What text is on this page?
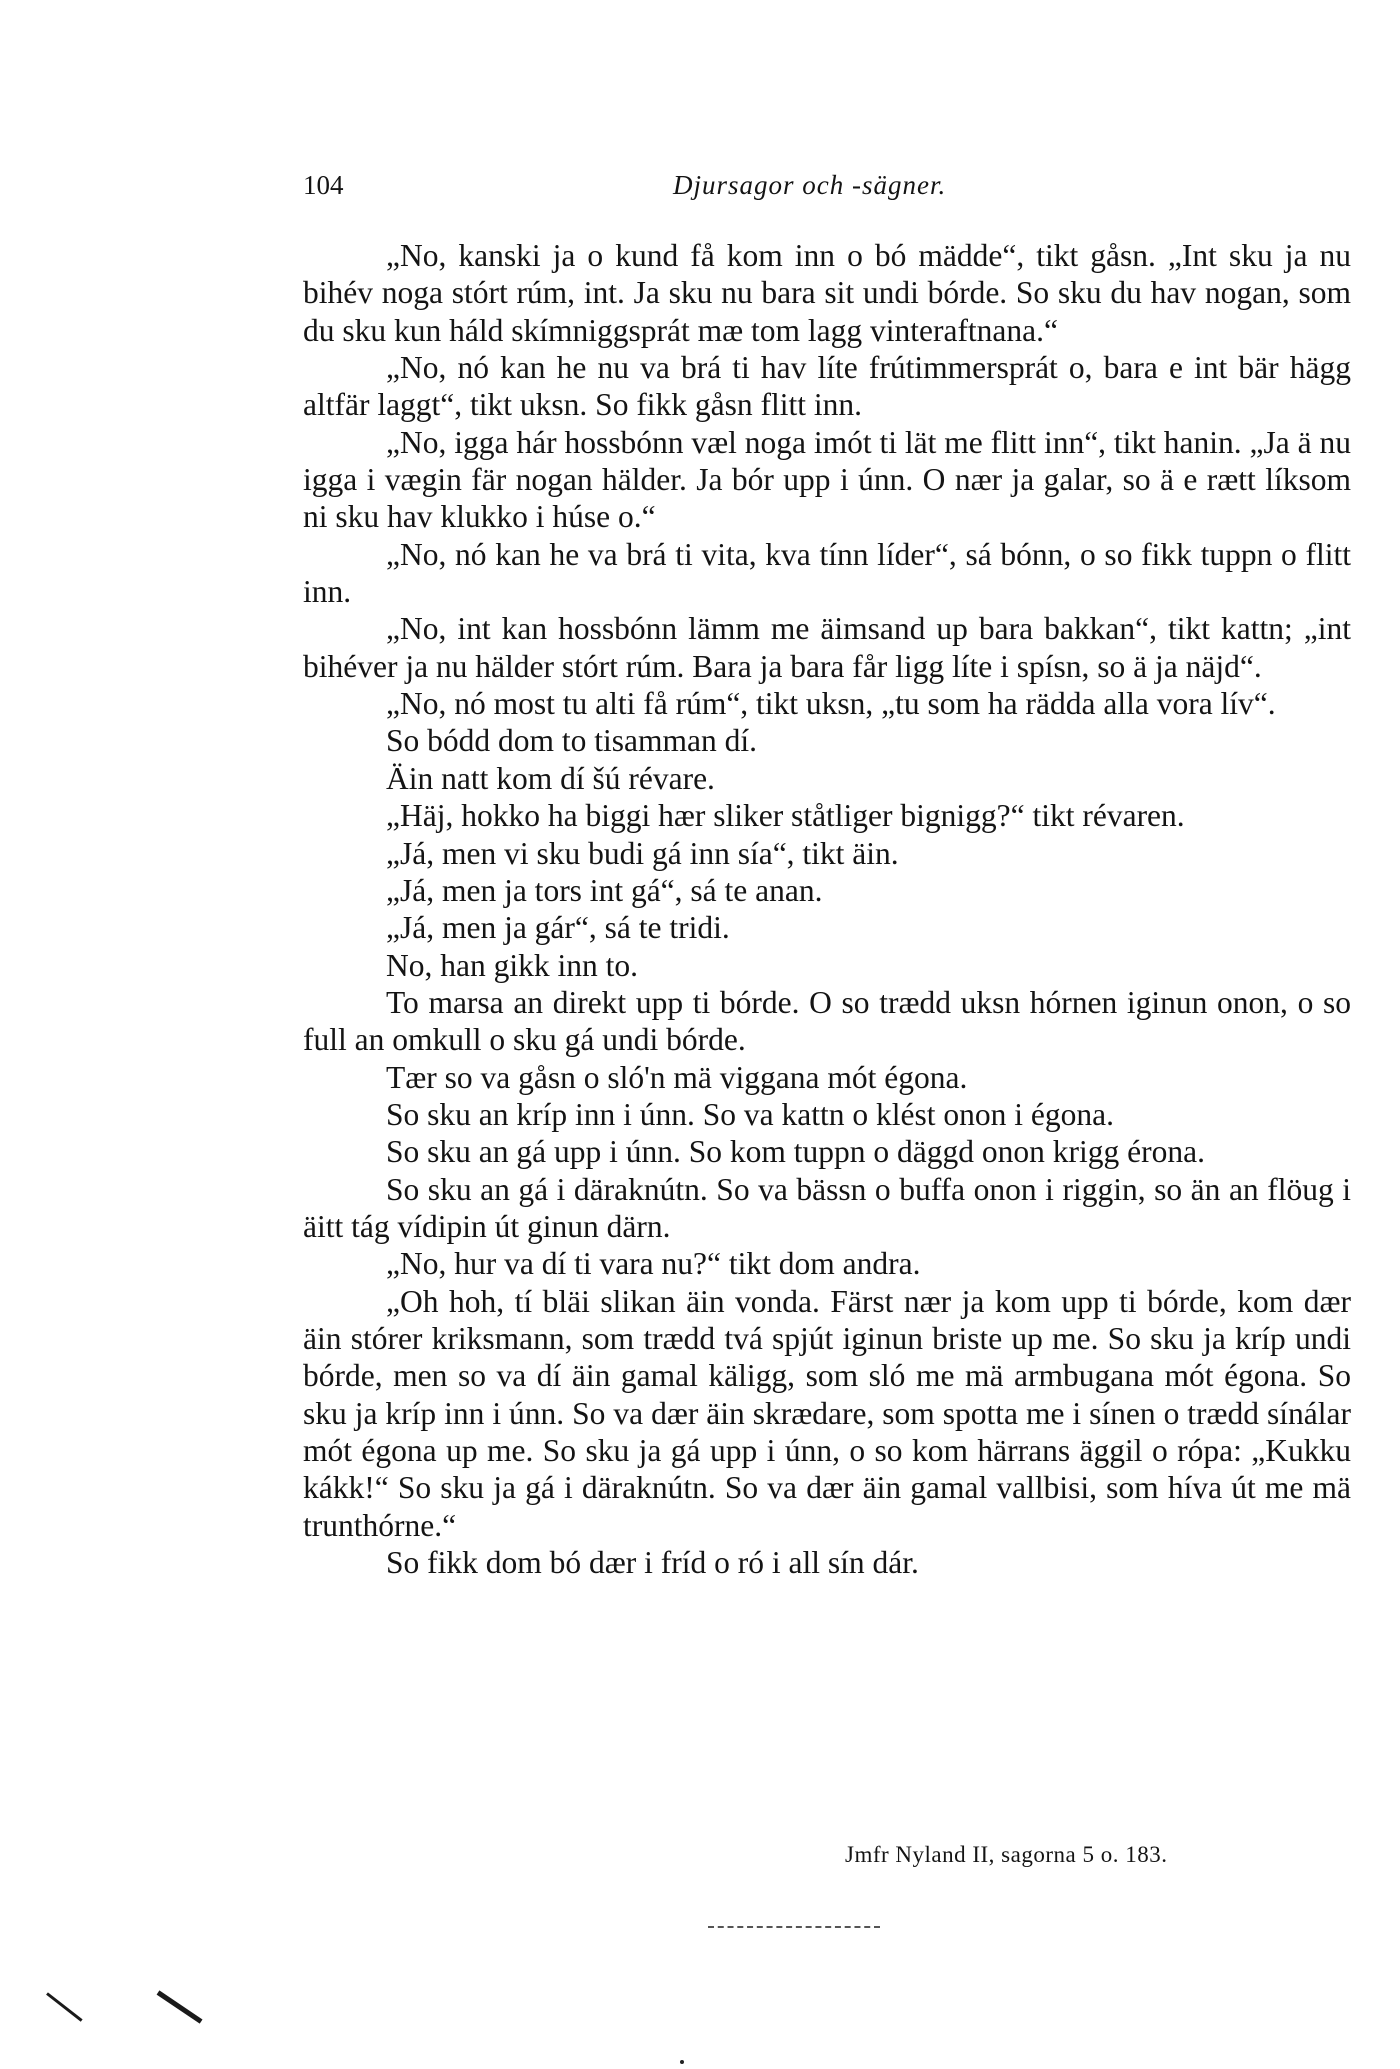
104	Djursagor och -sägner.

„No, kanski ja o kund få kom inn o bó mädde“, tikt gåsn. „Int sku ja nu bihév noga stórt rúm, int. Ja sku nu bara sit undi bórde. So sku du hav nogan, som du sku kun háld skímniggsprát mæ tom lagg vinteraftnana.“

„No, nó kan he nu va brá ti hav líte frútimmersprát o, bara e int bär hägg altfär laggt“, tikt uksn. So fikk gåsn flitt inn.

„No, igga hár hossbónn væl noga imót ti lät me flitt inn“, tikt hanin. „Ja ä nu igga i vægin fär nogan hälder. Ja bór upp i únn. O nær ja galar, so ä e rætt líksom ni sku hav klukko i húse o.“

„No, nó kan he va brá ti vita, kva tínn líder“, sá bónn, o so fikk tuppn o flitt inn.

„No, int kan hossbónn lämm me äimsand up bara bakkan“, tikt kattn; „int bihéver ja nu hälder stórt rúm. Bara ja bara får ligg líte i spísn, so ä ja näjd“.

„No, nó most tu alti få rúm“, tikt uksn, „tu som ha rädda alla vora lív“.

So bódd dom to tisamman dí.

Äin natt kom dí šú révare.

„Häj, hokko ha biggi hær sliker ståtliger bignigg?“ tikt révaren.

„Já, men vi sku budi gá inn sía“, tikt äin.

„Já, men ja tors int gá“, sá te anan.

„Já, men ja gár“, sá te tridi.

No, han gikk inn to.

To marsa an direkt upp ti bórde. O so trædd uksn hórnen iginun onon, o so full an omkull o sku gá undi bórde.

Tær so va gåsn o sló'n mä viggana mót égona.

So sku an kríp inn i únn. So va kattn o klést onon i égona.

So sku an gá upp i únn. So kom tuppn o däggd onon krigg érona.

So sku an gá i däraknútn. So va bässn o buffa onon i riggin, so än an flöug i äitt tág vídipin út ginun därn.

„No, hur va dí ti vara nu?“ tikt dom andra.

„Oh hoh, tí bläi slikan äin vonda. Färst nær ja kom upp ti bórde, kom dær äin stórer kriksmann, som trædd tvá spjút iginun briste up me. So sku ja kríp undi bórde, men so va dí äin gamal käligg, som sló me mä armbugana mót égona. So sku ja kríp inn i únn. So va dær äin skrædare, som spotta me i sínen o trædd sínálar mót égona up me. So sku ja gá upp i únn, o so kom härrans äggil o rópa: „Kukku kákk!“ So sku ja gá i däraknútn. So va dær äin gamal vallbisi, som híva út me mä trunthórne.“

So fikk dom bó dær i fríd o ró i all sín dár.

Jmfr Nyland II, sagorna 5 o. 183.
